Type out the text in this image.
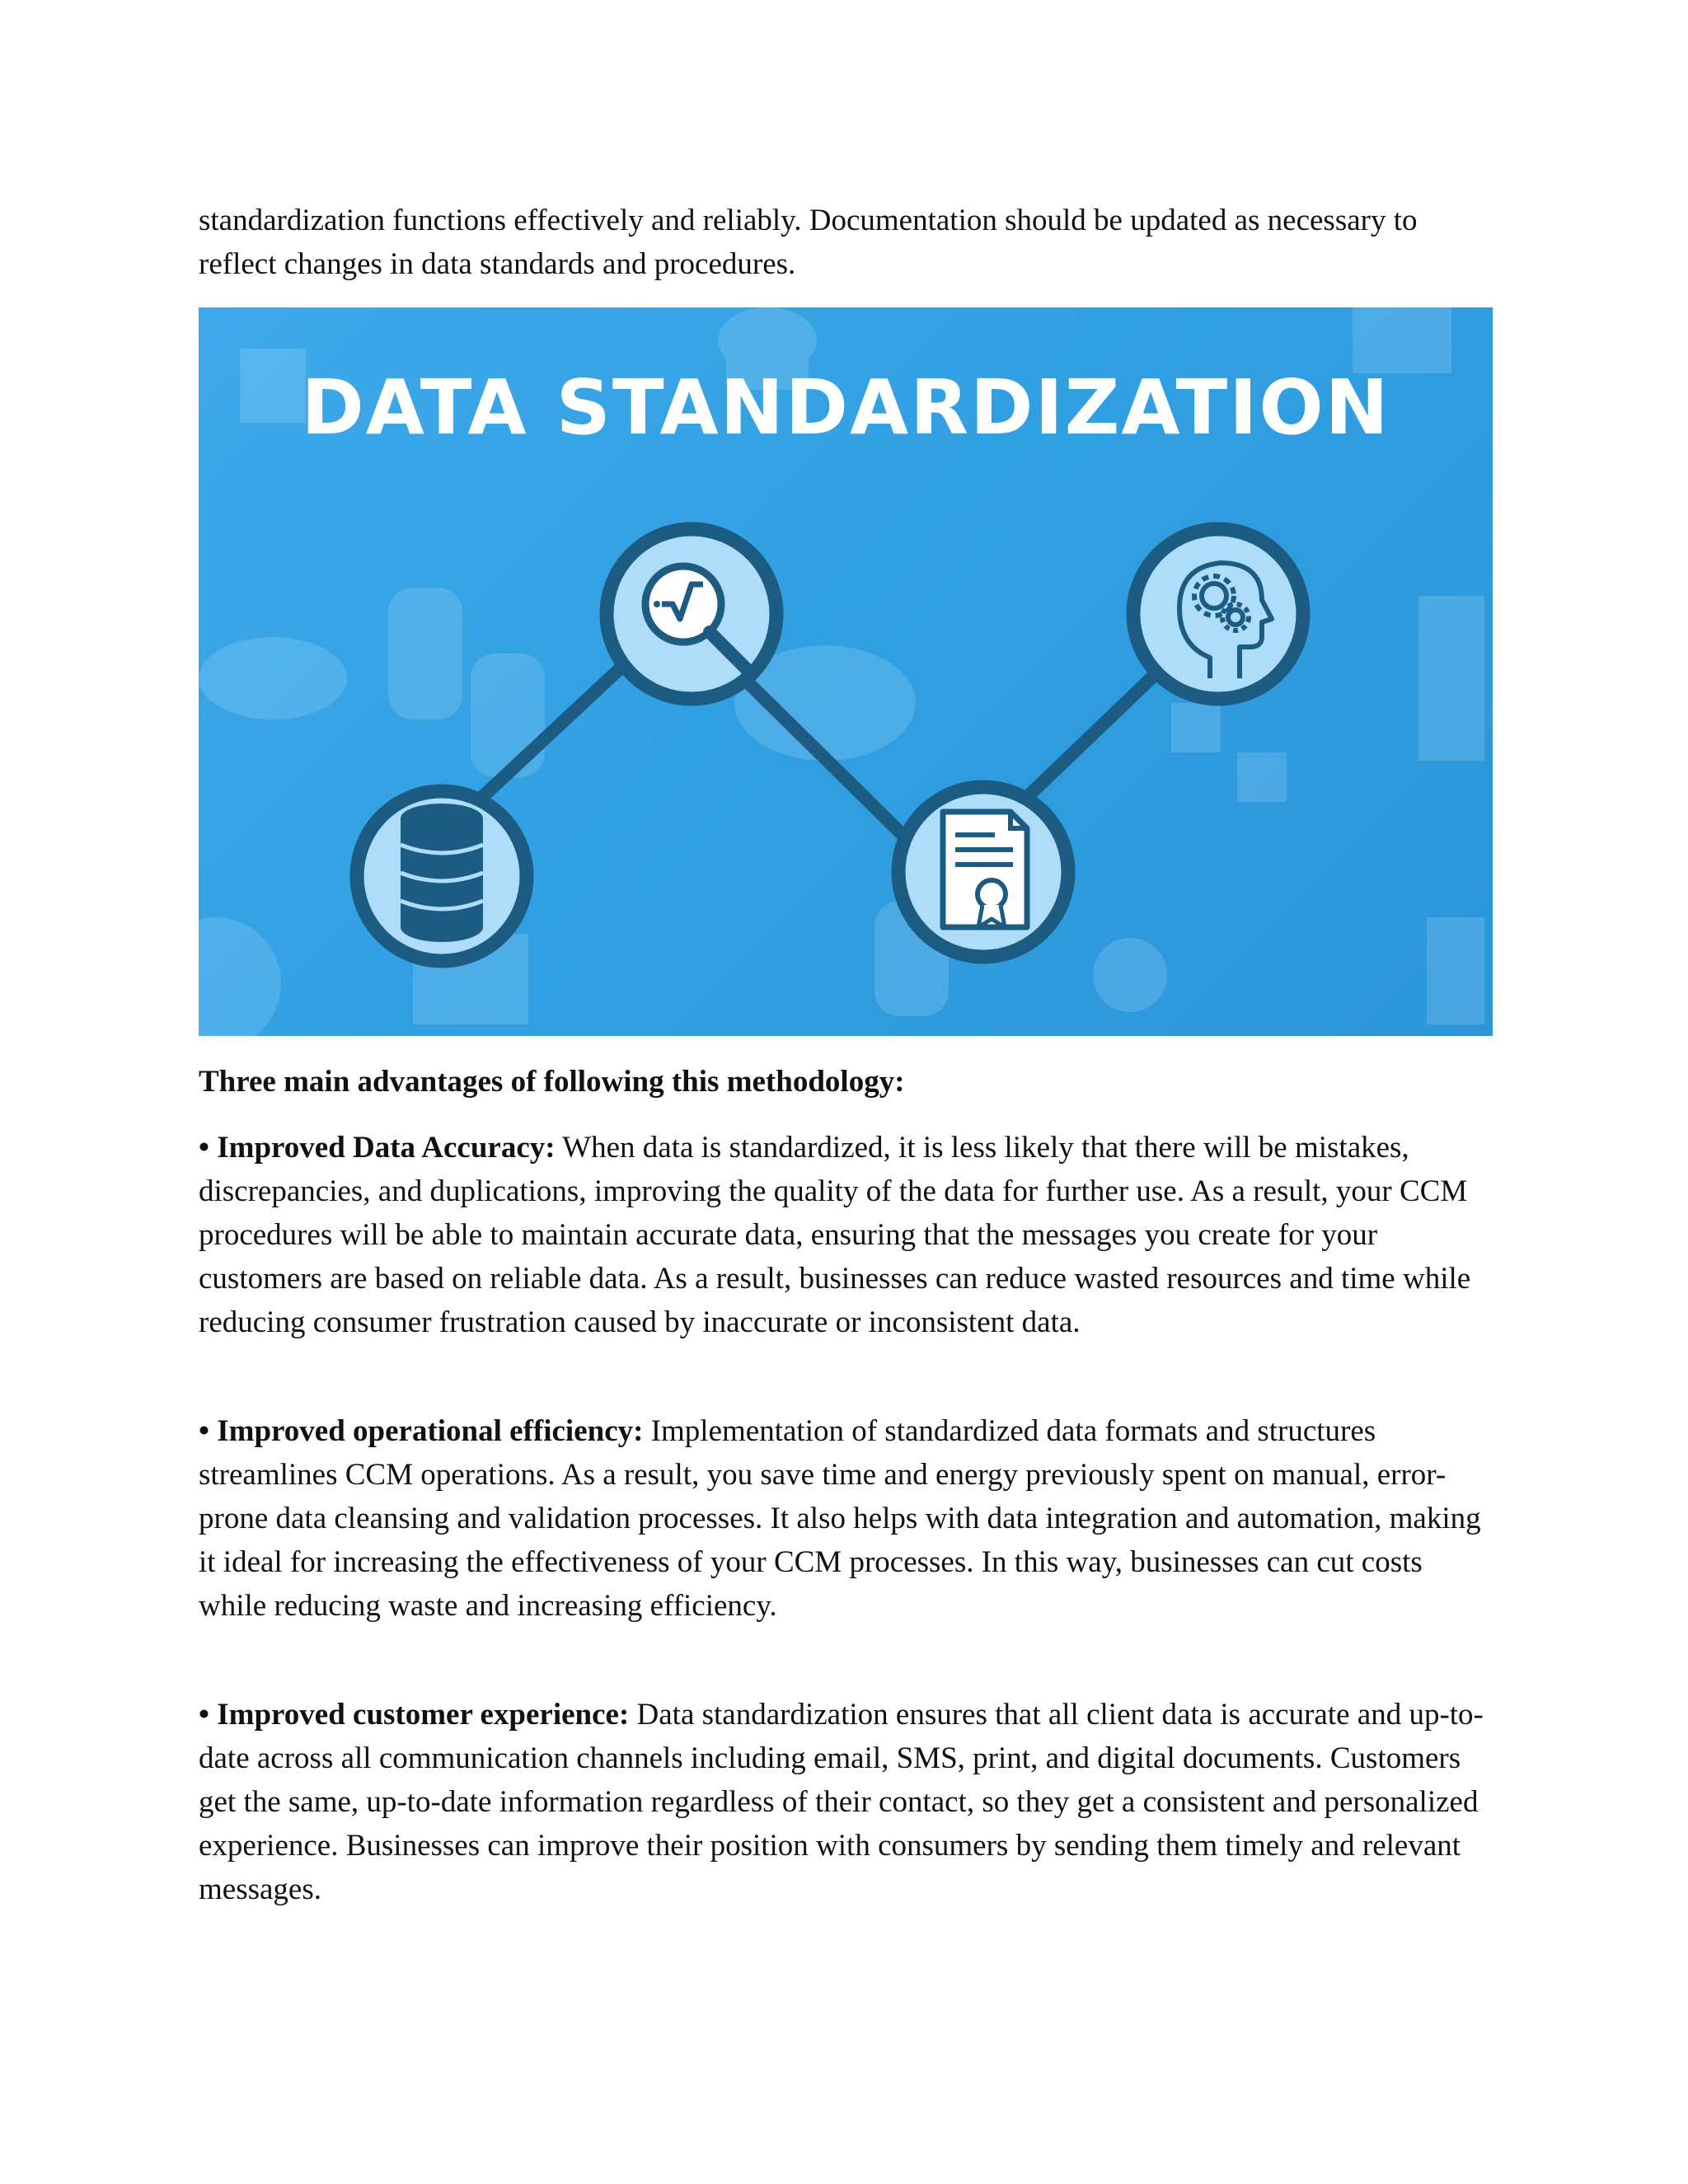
standardization functions effectively and reliably. Documentation should be updated as necessary to reflect changes in data standards and procedures.

DATA STANDARDIZATION

Three main advantages of following this methodology:

• Improved Data Accuracy: When data is standardized, it is less likely that there will be mistakes, discrepancies, and duplications, improving the quality of the data for further use. As a result, your CCM procedures will be able to maintain accurate data, ensuring that the messages you create for your customers are based on reliable data. As a result, businesses can reduce wasted resources and time while reducing consumer frustration caused by inaccurate or inconsistent data.

• Improved operational efficiency: Implementation of standardized data formats and structures streamlines CCM operations. As a result, you save time and energy previously spent on manual, error-prone data cleansing and validation processes. It also helps with data integration and automation, making it ideal for increasing the effectiveness of your CCM processes. In this way, businesses can cut costs while reducing waste and increasing efficiency.

• Improved customer experience: Data standardization ensures that all client data is accurate and up-to-date across all communication channels including email, SMS, print, and digital documents. Customers get the same, up-to-date information regardless of their contact, so they get a consistent and personalized experience. Businesses can improve their position with consumers by sending them timely and relevant messages.
